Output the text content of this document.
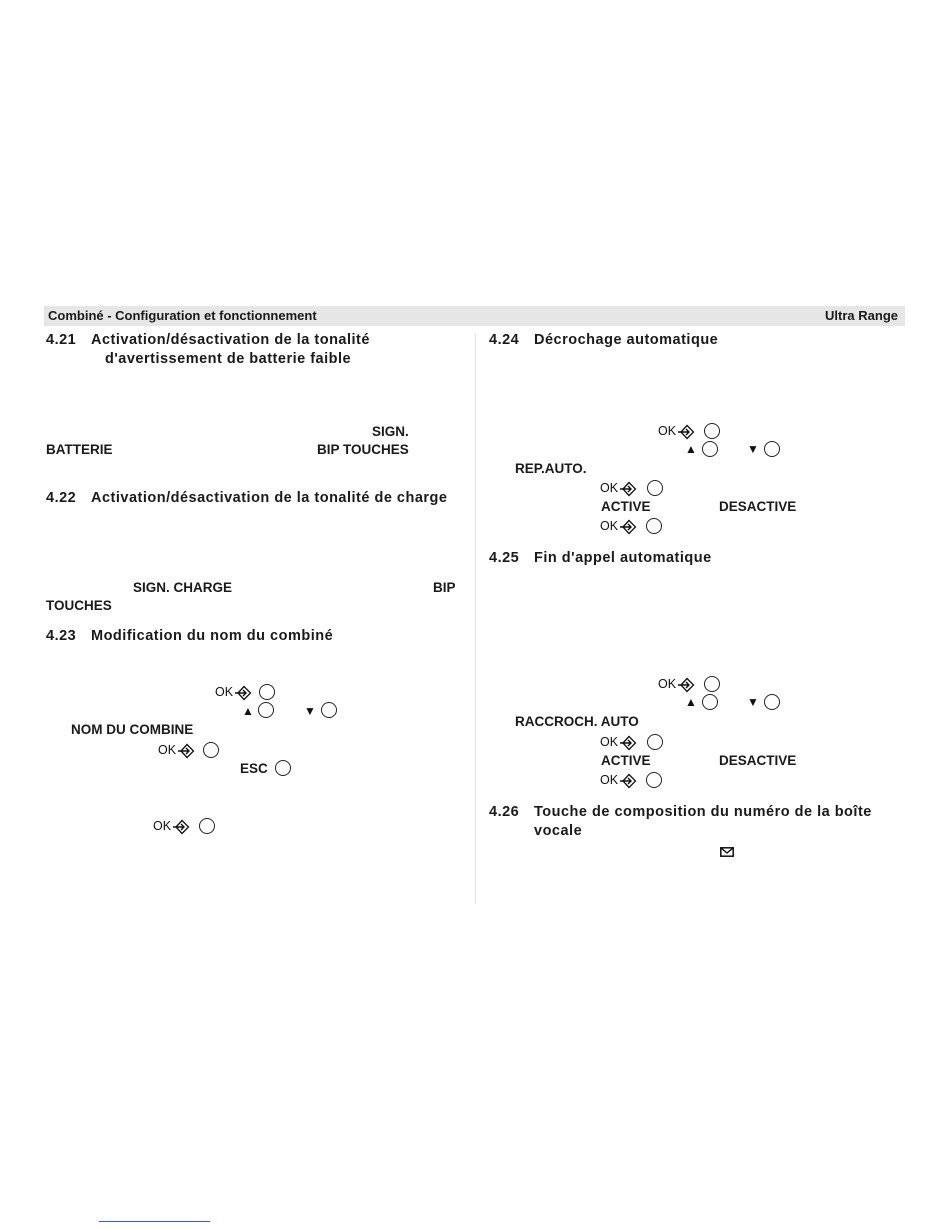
Combiné - Configuration et fonctionnement	Ultra Range
4.21 Activation/désactivation de la tonalité
d'avertissement de batterie faible
SIGN.
BATTERIE	BIP TOUCHES
4.22 Activation/désactivation de la tonalité de charge
SIGN. CHARGE	BIP
TOUCHES
4.23 Modification du nom du combiné
OK
▲	▼
NOM DU COMBINE
OK
ESC
OK
4.24 Décrochage automatique
OK
▲	▼
REP.AUTO.
OK
ACTIVE	DESACTIVE
OK
4.25 Fin d'appel automatique
OK
▲	▼
RACCROCH. AUTO
OK
ACTIVE	DESACTIVE
OK
4.26 Touche de composition du numéro de la boîte
vocale
